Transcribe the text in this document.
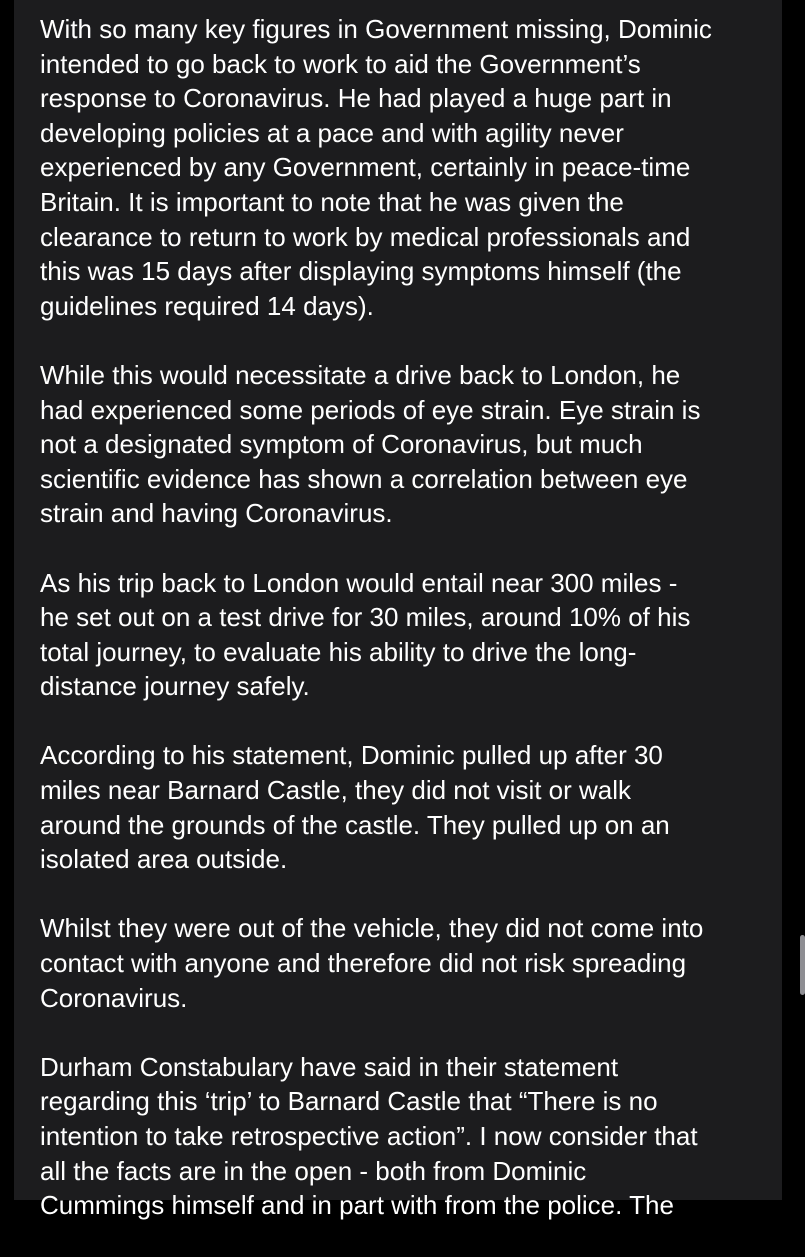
With so many key figures in Government missing, Dominic
intended to go back to work to aid the Government’s
response to Coronavirus. He had played a huge part in
developing policies at a pace and with agility never
experienced by any Government, certainly in peace-time
Britain. It is important to note that he was given the
clearance to return to work by medical professionals and
this was 15 days after displaying symptoms himself (the
guidelines required 14 days).
While this would necessitate a drive back to London, he
had experienced some periods of eye strain. Eye strain is
not a designated symptom of Coronavirus, but much
scientific evidence has shown a correlation between eye
strain and having Coronavirus.
As his trip back to London would entail near 300 miles -
he set out on a test drive for 30 miles, around 10% of his
total journey, to evaluate his ability to drive the long-
distance journey safely.
According to his statement, Dominic pulled up after 30
miles near Barnard Castle, they did not visit or walk
around the grounds of the castle. They pulled up on an
isolated area outside.
Whilst they were out of the vehicle, they did not come into
contact with anyone and therefore did not risk spreading
Coronavirus.
Durham Constabulary have said in their statement
regarding this ‘trip’ to Barnard Castle that “There is no
intention to take retrospective action”. I now consider that
all the facts are in the open - both from Dominic
Cummings himself and in part with from the police. The
